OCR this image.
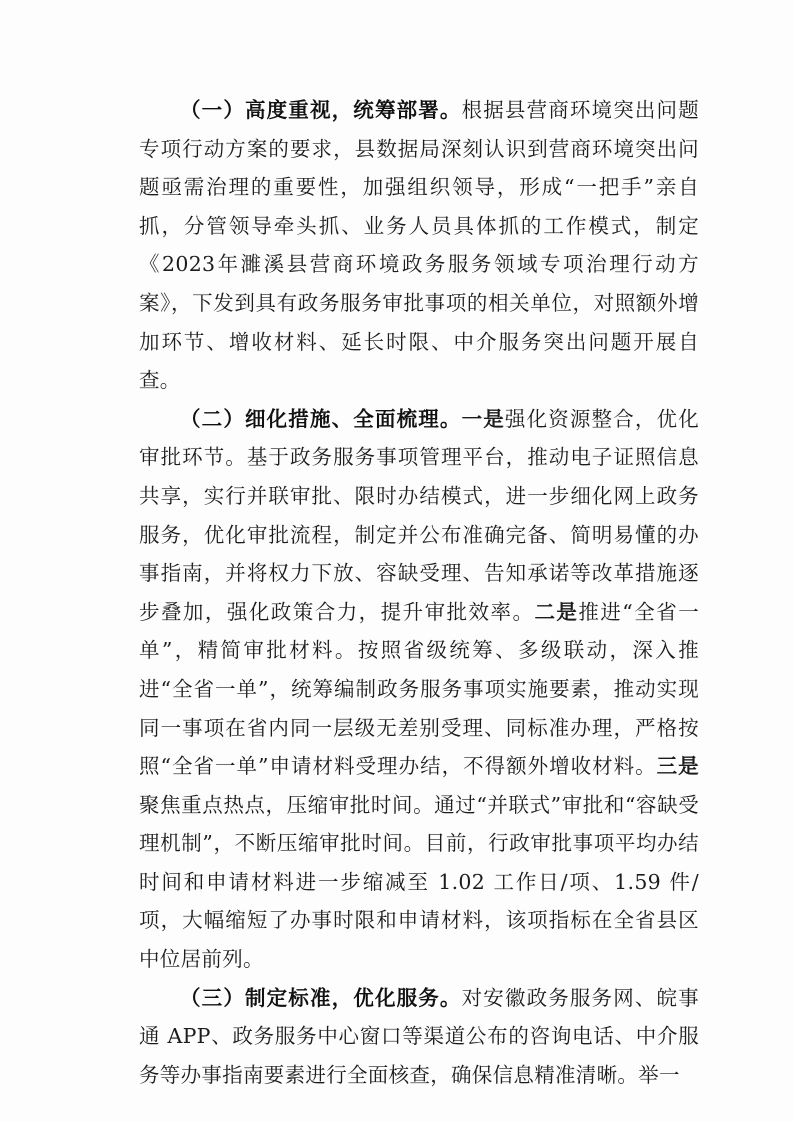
（一）高度重视，统筹部署。根据县营商环境突出问题专项行动方案的要求，县数据局深刻认识到营商环境突出问题亟需治理的重要性，加强组织领导，形成“一把手”亲自抓，分管领导牵头抓、业务人员具体抓的工作模式，制定《2023年濉溪县营商环境政务服务领域专项治理行动方案》，下发到具有政务服务审批事项的相关单位，对照额外增加环节、增收材料、延长时限、中介服务突出问题开展自查。

（二）细化措施、全面梳理。一是强化资源整合，优化审批环节。基于政务服务事项管理平台，推动电子证照信息共享，实行并联审批、限时办结模式，进一步细化网上政务服务，优化审批流程，制定并公布准确完备、简明易懂的办事指南，并将权力下放、容缺受理、告知承诺等改革措施逐步叠加，强化政策合力，提升审批效率。二是推进“全省一单”，精简审批材料。按照省级统筹、多级联动，深入推进“全省一单”，统筹编制政务服务事项实施要素，推动实现同一事项在省内同一层级无差别受理、同标准办理，严格按照“全省一单”申请材料受理办结，不得额外增收材料。三是聚焦重点热点，压缩审批时间。通过“并联式”审批和“容缺受理机制”，不断压缩审批时间。目前，行政审批事项平均办结时间和申请材料进一步缩减至 1.02 工作日/项、1.59 件/项，大幅缩短了办事时限和申请材料，该项指标在全省县区中位居前列。

（三）制定标准，优化服务。对安徽政务服务网、皖事通 APP、政务服务中心窗口等渠道公布的咨询电话、中介服务等办事指南要素进行全面核查，确保信息精准清晰。举一
